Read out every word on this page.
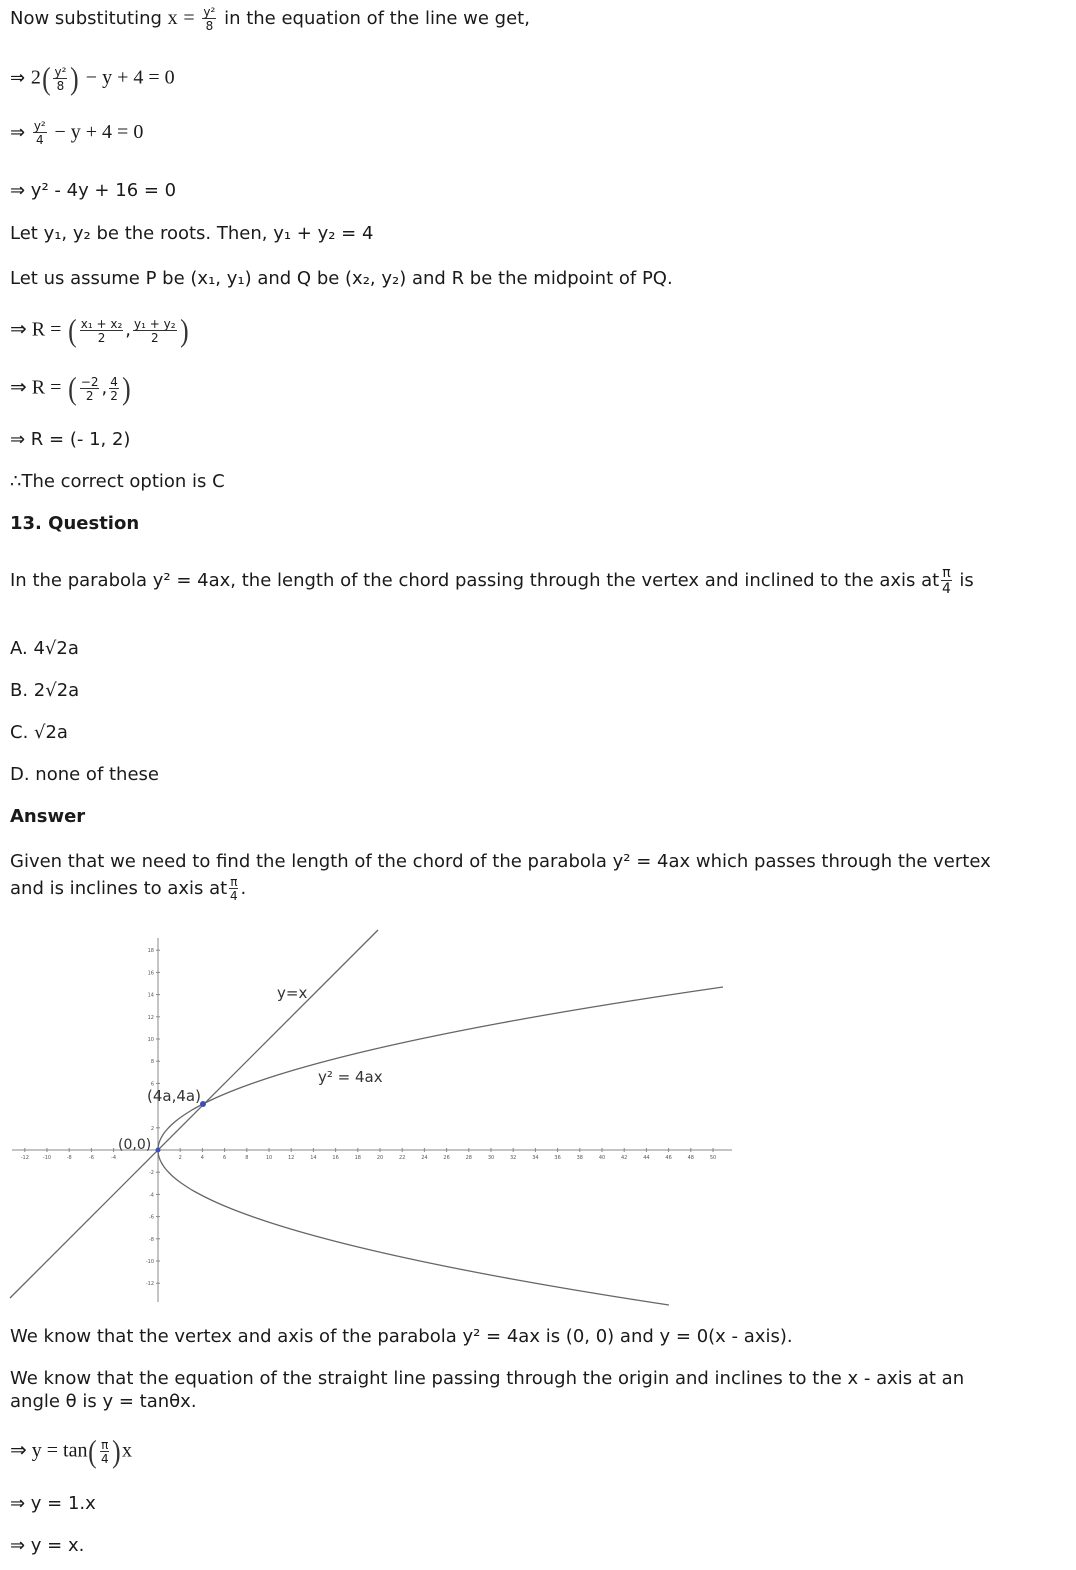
Now substituting $x = \frac{\text{y²}}{8}$ in the equation of the line we get,
⇒ $2( \frac{\text{y²}}{8}$ ) − y + 4 = 0
⇒ $\frac{\text{y²}}{4} - y + 4 = 0$
⇒ y² - 4y + 16 = 0
Let y₁, y₂ be the roots. Then, y₁ + y₂ = 4
Let us assume P be (x₁, y₁) and Q be (x₂, y₂) and R be the midpoint of PQ.
⇒ R = ( $\frac{\text{x₁ + x₂}}{2}$ , $\frac{\text{y₁ + y₂}}{2}$ )
⇒ R = ( $\frac{-2}{2}$ , $\frac{4}{2}$ )
⇒ R = (- 1, 2)
∴The correct option is C
13. Question
In the parabola y² = 4ax, the length of the chord passing through the vertex and inclined to the axis at $\frac{\pi}{4}$ is
A. 4√2a
B. 2√2a
C. √2a
D. none of these
Answer
Given that we need to find the length of the chord of the parabola y² = 4ax which passes through the vertex
and is inclines to axis at $\frac{\pi}{4}$ .
-12	-10	-8	-6	-4	2	4	6	8	10	12	14	16	18	20	22	24	26	28	30	32	34	36	38	40	42	44	46	48	50
18
16
14
12
10
8
6
2
-2
-4
-6
-8
-10
-12
y=x
y² = 4ax
(4a,4a)
(0,0)
We know that the vertex and axis of the parabola y² = 4ax is (0, 0) and y = 0(x - axis).
We know that the equation of the straight line passing through the origin and inclines to the x - axis at an
angle θ is y = tanθx.
⇒ $y = \tan( \frac{\pi}{4} )x$
⇒ y = 1.x
⇒ y = x.
